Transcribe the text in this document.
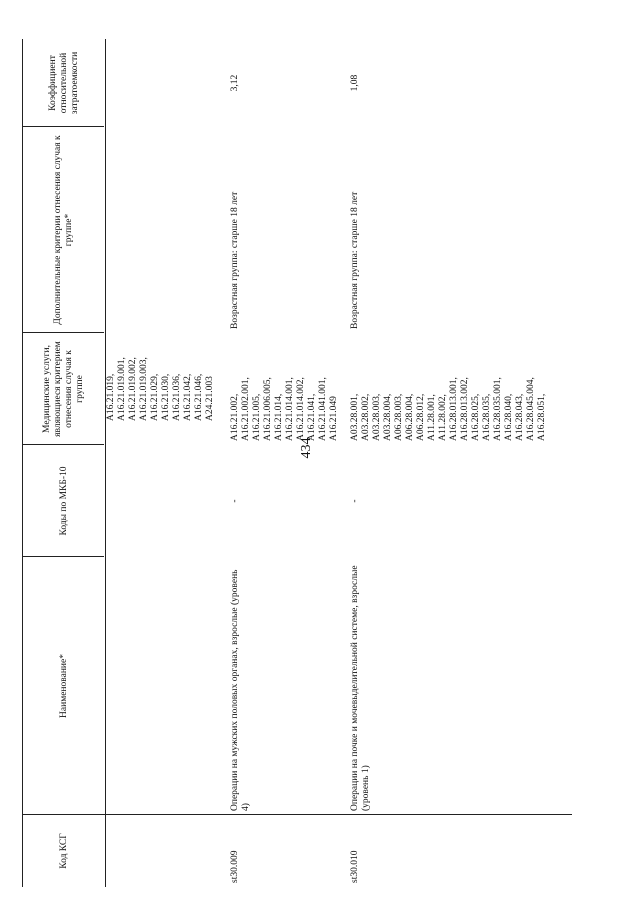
434
Код КСГ
Наименование*
Коды по МКБ-10
Медицинские услуги, являющиеся критерием отнесения случая к группе
Дополнительные критерии отнесения случая к группе*
Коэффициент относительной затратоемкости
A16.21.019,
A16.21.019.001,
A16.21.019.002,
A16.21.019.003,
A16.21.029,
A16.21.030,
A16.21.036,
A16.21.042,
A16.21.046,
A24.21.003
st30.009
Операции на мужских половых органах, взрослые (уровень 4)
-
A16.21.002,
A16.21.002.001,
A16.21.005,
A16.21.006.005,
A16.21.014,
A16.21.014.001,
A16.21.014.002,
A16.21.041,
A16.21.041.001,
A16.21.049
Возрастная группа: старше 18 лет
3,12
st30.010
Операции на почке и мочевыделительной системе, взрослые (уровень 1)
-
A03.28.001,
A03.28.002,
A03.28.003,
A03.28.004,
A06.28.003,
A06.28.004,
A06.28.012,
A11.28.001,
A11.28.002,
A16.28.013.001,
A16.28.013.002,
A16.28.025,
A16.28.035,
A16.28.035.001,
A16.28.040,
A16.28.043,
A16.28.045.004,
A16.28.051,
Возрастная группа: старше 18 лет
1,08
